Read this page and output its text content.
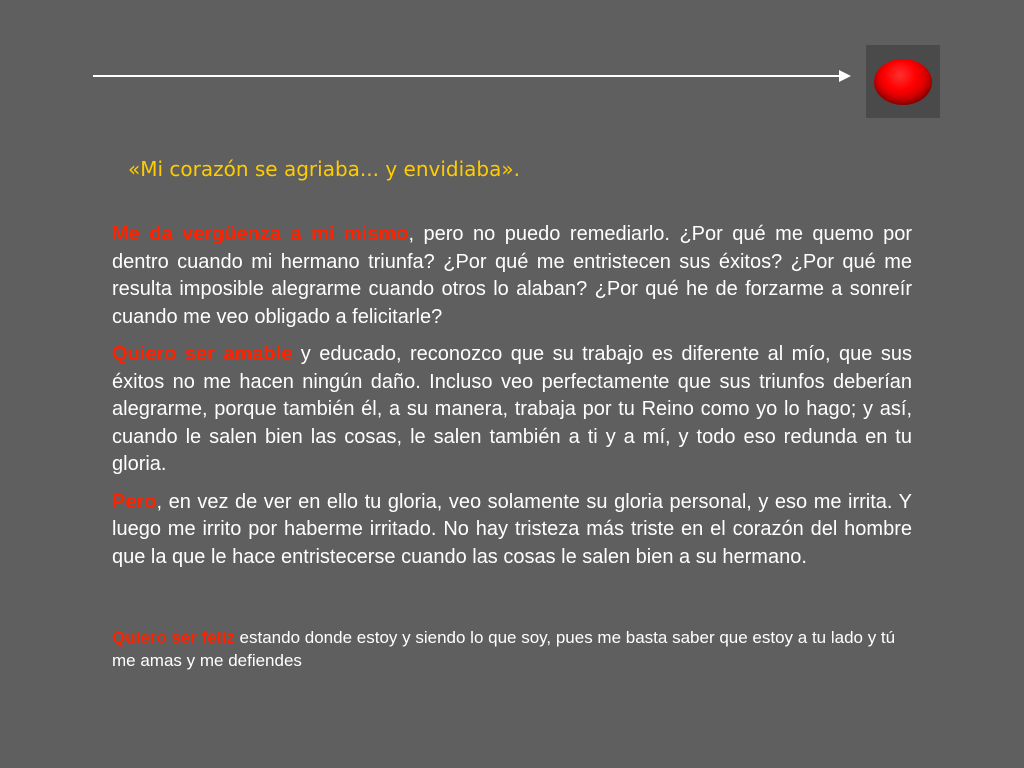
«Mi corazón se agriaba... y envidiaba».

Me da vergüenza a mi mismo, pero no puedo remediarlo. ¿Por qué me quemo por dentro cuando mi hermano triunfa? ¿Por qué me entristecen sus éxitos? ¿Por qué me resulta imposible alegrarme cuando otros lo alaban? ¿Por qué he de forzarme a sonreír cuando me veo obligado a felicitarle?

Quiero ser amable y educado, reconozco que su trabajo es diferente al mío, que sus éxitos no me hacen ningún daño. Incluso veo perfectamente que sus triunfos deberían alegrarme, porque también él, a su manera, trabaja por tu Reino como yo lo hago; y así, cuando le salen bien las cosas, le salen también a ti y a mí, y todo eso redunda en tu gloria.

Pero, en vez de ver en ello tu gloria, veo solamente su gloria personal, y eso me irrita. Y luego me irrito por haberme irritado. No hay tristeza más triste en el corazón del hombre que la que le hace entristecerse cuando las cosas le salen bien a su hermano.

Quiero ser feliz estando donde estoy y siendo lo que soy, pues me basta saber que estoy a tu lado y tú me amas y me defiendes
